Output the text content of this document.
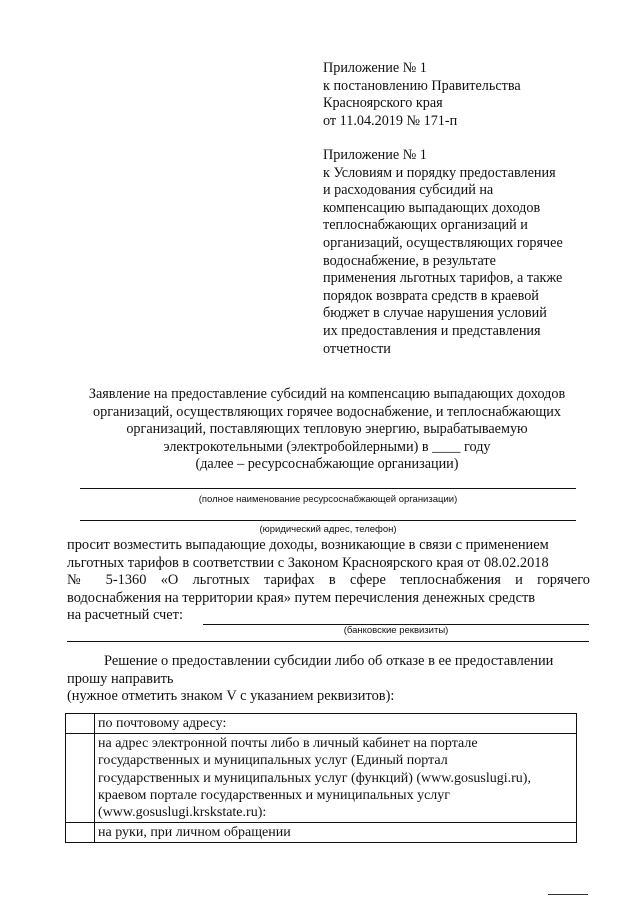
Приложение № 1
к постановлению Правительства
Красноярского края
от 11.04.2019 № 171-п
Приложение № 1
к Условиям и порядку предоставления
и расходования субсидий на
компенсацию выпадающих доходов
теплоснабжающих организаций и
организаций, осуществляющих горячее
водоснабжение, в результате
применения льготных тарифов, а также
порядок возврата средств в краевой
бюджет в случае нарушения условий
их предоставления и представления
отчетности
Заявление на предоставление субсидий на компенсацию выпадающих доходов
организаций, осуществляющих горячее водоснабжение, и теплоснабжающих
организаций, поставляющих тепловую энергию, вырабатываемую
электрокотельными (электробойлерными) в ____ году
(далее – ресурсоснабжающие организации)
(полное наименование ресурсоснабжающей организации)
(юридический адрес, телефон)
просит возместить выпадающие доходы, возникающие в связи с применением
льготных тарифов в соответствии с Законом Красноярского края от 08.02.2018
№ 5-1360 «О льготных тарифах в сфере теплоснабжения и горячего
водоснабжения на территории края» путем перечисления денежных средств
на расчетный счет:
(банковские реквизиты)
Решение о предоставлении субсидии либо об отказе в ее предоставлении
прошу направить
(нужное отметить знаком V с указанием реквизитов):

	по почтовому адресу:

	на адрес электронной почты либо в личный кабинет на портале
государственных и муниципальных услуг (Единый портал
государственных и муниципальных услуг (функций) (www.gosuslugi.ru),
краевом портале государственных и муниципальных услуг
(www.gosuslugi.krskstate.ru):

	на руки, при личном обращении
